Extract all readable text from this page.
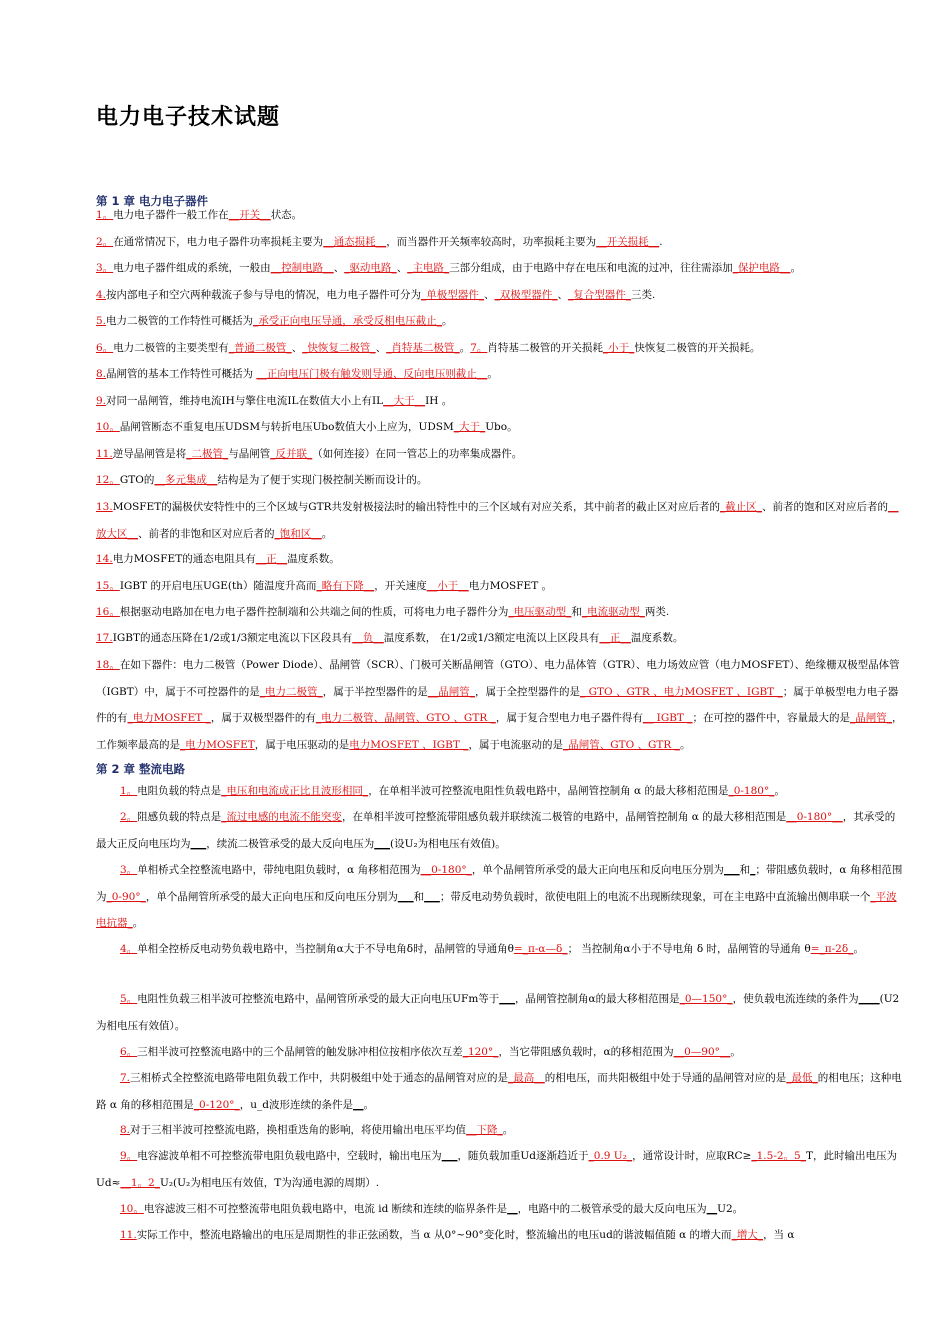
电力电子技术试题
第 1 章 电力电子器件
1。电力电子器件一般工作在__开关__状态。
2。在通常情况下，电力电子器件功率损耗主要为__通态损耗__，而当器件开关频率较高时，功率损耗主要为__开关损耗__.
3。电力电子器件组成的系统，一般由__控制电路__、_驱动电路_、_主电路_三部分组成，由于电路中存在电压和电流的过冲，往往需添加_保护电路__。
4.按内部电子和空穴两种载流子参与导电的情况，电力电子器件可分为_单极型器件_、_双极型器件_、_复合型器件_三类.
5.电力二极管的工作特性可概括为_承受正向电压导通，承受反相电压截止_。
6。电力二极管的主要类型有_普通二极管_、_快恢复二极管_、_肖特基二极管_。7。肖特基二极管的开关损耗_小于_快恢复二极管的开关损耗。
8.晶闸管的基本工作特性可概括为 __正向电压门极有触发则导通、反向电压则截止__。
9.对同一晶闸管，维持电流IH与擎住电流IL在数值大小上有IL__大于__IH 。
10。晶闸管断态不重复电压UDSM与转折电压Ubo数值大小上应为，UDSM_大于_Ubo。
11.逆导晶闸管是将_二极管_与晶闸管_反并联_（如何连接）在同一管芯上的功率集成器件。
12。GTO的__多元集成__结构是为了便于实现门极控制关断而设计的。
13.MOSFET的漏极伏安特性中的三个区域与GTR共发射极接法时的输出特性中的三个区域有对应关系，其中前者的截止区对应后者的_截止区_、前者的饱和区对应后者的__放大区__、前者的非饱和区对应后者的_饱和区__。
14.电力MOSFET的通态电阻具有__正__温度系数。
15。IGBT 的开启电压UGE(th）随温度升高而_略有下降__，开关速度__小于__电力MOSFET 。
16。根据驱动电路加在电力电子器件控制端和公共端之间的性质，可将电力电子器件分为_电压驱动型_和_电流驱动型_两类.
17.IGBT的通态压降在1/2或1/3额定电流以下区段具有__负__温度系数， 在1/2或1/3额定电流以上区段具有__正__温度系数。
18。在如下器件：电力二极管（Power Diode）、晶闸管（SCR）、门极可关断晶闸管（GTO）、电力晶体管（GTR）、电力场效应管（电力MOSFET）、绝缘栅双极型晶体管（IGBT）中，属于不可控器件的是_电力二极管_，属于半控型器件的是__晶闸管_，属于全控型器件的是_ GTO 、GTR 、电力MOSFET 、IGBT _；属于单极型电力电子器件的有_电力MOSFET _，属于双极型器件的有_电力二极管、晶闸管、GTO 、GTR _，属于复合型电力电子器件得有__ IGBT _；在可控的器件中，容量最大的是_晶闸管_，工作频率最高的是_电力MOSFET，属于电压驱动的是电力MOSFET 、IGBT _，属于电流驱动的是_晶闸管、GTO 、GTR _。
第 2 章 整流电路
1。电阻负载的特点是_电压和电流成正比且波形相同_，在单相半波可控整流电阻性负载电路中，晶闸管控制角 α 的最大移相范围是_0-180°_。
2。阻感负载的特点是_流过电感的电流不能突变，在单相半波可控整流带阻感负载并联续流二极管的电路中，晶闸管控制角 α 的最大移相范围是__0-180°__，其承受的最大正反向电压均为___，续流二极管承受的最大反向电压为___(设U₂为相电压有效值)。
3。单相桥式全控整流电路中，带纯电阻负载时，α 角移相范围为__0-180°_，单个晶闸管所承受的最大正向电压和反向电压分别为___和_；带阻感负载时，α 角移相范围为_0-90°_，单个晶闸管所承受的最大正向电压和反向电压分别为___和___；带反电动势负载时，欲使电阻上的电流不出现断续现象，可在主电路中直流输出侧串联一个_平波电抗器_。
4。单相全控桥反电动势负载电路中，当控制角α大于不导电角δ时，晶闸管的导通角θ=_π-α—δ_； 当控制角α小于不导电角 δ 时，晶闸管的导通角 θ=_π-2δ_。
5。电阻性负载三相半波可控整流电路中，晶闸管所承受的最大正向电压UFm等于___，晶闸管控制角α的最大移相范围是_0—150°_，使负载电流连续的条件为____(U2为相电压有效值）。
6。三相半波可控整流电路中的三个晶闸管的触发脉冲相位按相序依次互差_120°_，当它带阻感负载时，α的移相范围为__0—90°__。
7.三相桥式全控整流电路带电阻负载工作中，共阴极组中处于通态的晶闸管对应的是_最高__的相电压，而共阳极组中处于导通的晶闸管对应的是_最低_的相电压；这种电路 α 角的移相范围是_0-120°_，u_d波形连续的条件是__。
8.对于三相半波可控整流电路，换相重迭角的影响，将使用输出电压平均值__下降_。
9。电容滤波单相不可控整流带电阻负载电路中，空载时，输出电压为___，随负载加重Ud逐渐趋近于_0.9 U₂_，通常设计时，应取RC≥_1.5-2。5_T，此时输出电压为Ud≈__1。2_U₂(U₂为相电压有效值，T为沟通电源的周期）.
10。电容滤波三相不可控整流带电阻负载电路中，电流 id 断续和连续的临界条件是__，电路中的二极管承受的最大反向电压为__U2。
11.实际工作中，整流电路输出的电压是周期性的非正弦函数，当 α 从0°~90°变化时，整流输出的电压ud的谐波幅值随 α 的增大而_增大_，当 α
